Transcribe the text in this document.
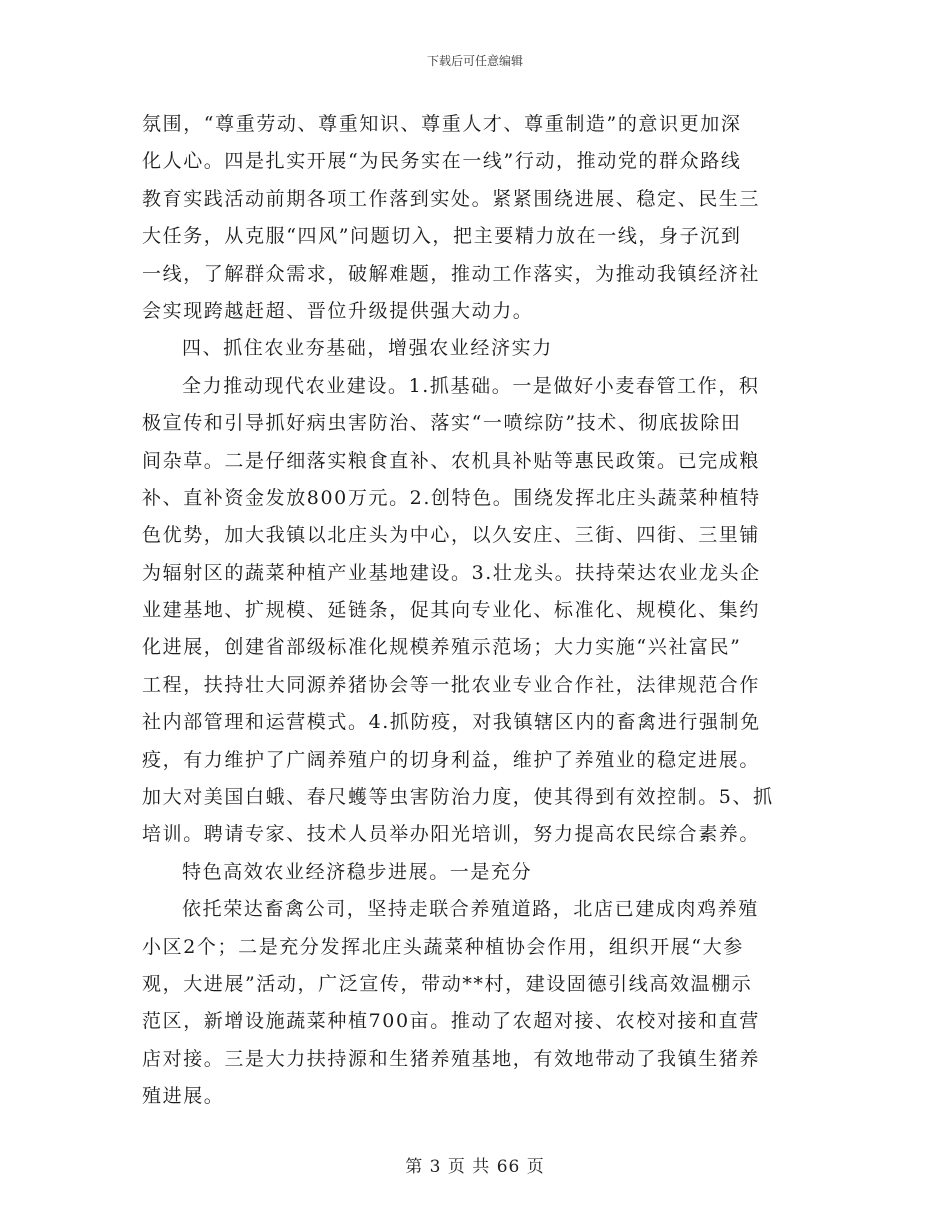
下载后可任意编辑
氛围，“尊重劳动、尊重知识、尊重人才、尊重制造”的意识更加深
化人心。四是扎实开展“为民务实在一线”行动，推动党的群众路线
教育实践活动前期各项工作落到实处。紧紧围绕进展、稳定、民生三
大任务，从克服“四风”问题切入，把主要精力放在一线，身子沉到
一线，了解群众需求，破解难题，推动工作落实，为推动我镇经济社
会实现跨越赶超、晋位升级提供强大动力。
四、抓住农业夯基础，增强农业经济实力
全力推动现代农业建设。1.抓基础。一是做好小麦春管工作，积
极宣传和引导抓好病虫害防治、落实“一喷综防”技术、彻底拔除田
间杂草。二是仔细落实粮食直补、农机具补贴等惠民政策。已完成粮
补、直补资金发放800万元。2.创特色。围绕发挥北庄头蔬菜种植特
色优势，加大我镇以北庄头为中心，以久安庄、三街、四街、三里铺
为辐射区的蔬菜种植产业基地建设。3.壮龙头。扶持荣达农业龙头企
业建基地、扩规模、延链条，促其向专业化、标准化、规模化、集约
化进展，创建省部级标准化规模养殖示范场；大力实施“兴社富民”
工程，扶持壮大同源养猪协会等一批农业专业合作社，法律规范合作
社内部管理和运营模式。4.抓防疫，对我镇辖区内的畜禽进行强制免
疫，有力维护了广阔养殖户的切身利益，维护了养殖业的稳定进展。
加大对美国白蛾、春尺蠖等虫害防治力度，使其得到有效控制。5、抓
培训。聘请专家、技术人员举办阳光培训，努力提高农民综合素养。
特色高效农业经济稳步进展。一是充分
依托荣达畜禽公司，坚持走联合养殖道路，北店已建成肉鸡养殖
小区2个；二是充分发挥北庄头蔬菜种植协会作用，组织开展“大参
观，大进展”活动，广泛宣传，带动**村，建设固德引线高效温棚示
范区，新增设施蔬菜种植700亩。推动了农超对接、农校对接和直营
店对接。三是大力扶持源和生猪养殖基地，有效地带动了我镇生猪养
殖进展。
第 3 页 共 66 页
